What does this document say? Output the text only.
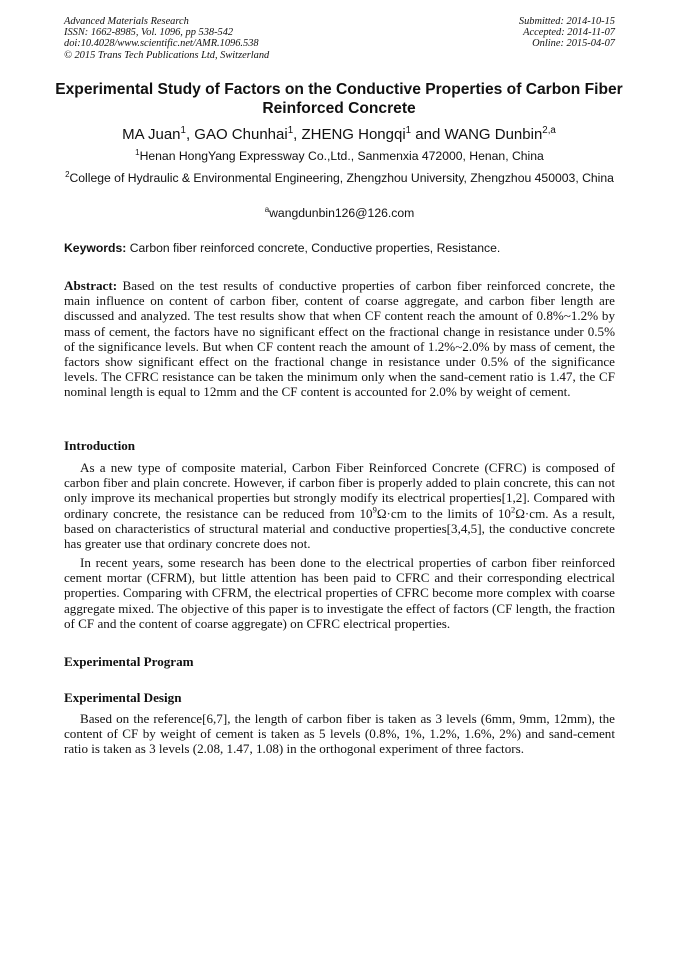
Advanced Materials Research
ISSN: 1662-8985, Vol. 1096, pp 538-542
doi:10.4028/www.scientific.net/AMR.1096.538
© 2015 Trans Tech Publications Ltd, Switzerland
Submitted: 2014-10-15
Accepted: 2014-11-07
Online: 2015-04-07
Experimental Study of Factors on the Conductive Properties of Carbon Fiber Reinforced Concrete
MA Juan$^1$, GAO Chunhai$^1$, ZHENG Hongqi$^1$ and WANG Dunbin$^{2,a}$
$^1$Henan HongYang Expressway Co.,Ltd., Sanmenxia 472000, Henan, China
$^2$College of Hydraulic & Environmental Engineering, Zhengzhou University, Zhengzhou 450003, China
$^a$wangdunbin126@126.com
Keywords: Carbon fiber reinforced concrete, Conductive properties, Resistance.

Abstract: Based on the test results of conductive properties of carbon fiber reinforced concrete, the main influence on content of carbon fiber, content of coarse aggregate, and carbon fiber length are discussed and analyzed. The test results show that when CF content reach the amount of 0.8%~1.2% by mass of cement, the factors have no significant effect on the fractional change in resistance under 0.5% of the significance levels. But when CF content reach the amount of 1.2%~2.0% by mass of cement, the factors show significant effect on the fractional change in resistance under 0.5% of the significance levels. The CFRC resistance can be taken the minimum only when the sand-cement ratio is 1.47, the CF nominal length is equal to 12mm and the CF content is accounted for 2.0% by weight of cement.

Introduction

As a new type of composite material, Carbon Fiber Reinforced Concrete (CFRC) is composed of carbon fiber and plain concrete. However, if carbon fiber is properly added to plain concrete, this can not only improve its mechanical properties but strongly modify its electrical properties[1,2]. Compared with ordinary concrete, the resistance can be reduced from $10^9\Omega\cdot cm$ to the limits of $10^2\Omega\cdot cm$. As a result, based on characteristics of structural material and conductive properties[3,4,5], the conductive concrete has greater use that ordinary concrete does not.

In recent years, some research has been done to the electrical properties of carbon fiber reinforced cement mortar (CFRM), but little attention has been paid to CFRC and their corresponding electrical properties. Comparing with CFRM, the electrical properties of CFRC become more complex with coarse aggregate mixed. The objective of this paper is to investigate the effect of factors (CF length, the fraction of CF and the content of coarse aggregate) on CFRC electrical properties.

Experimental Program
Experimental Design

Based on the reference[6,7], the length of carbon fiber is taken as 3 levels (6mm, 9mm, 12mm), the content of CF by weight of cement is taken as 5 levels (0.8%, 1%, 1.2%, 1.6%, 2%) and sand-cement ratio is taken as 3 levels (2.08, 1.47, 1.08) in the orthogonal experiment of three factors.
